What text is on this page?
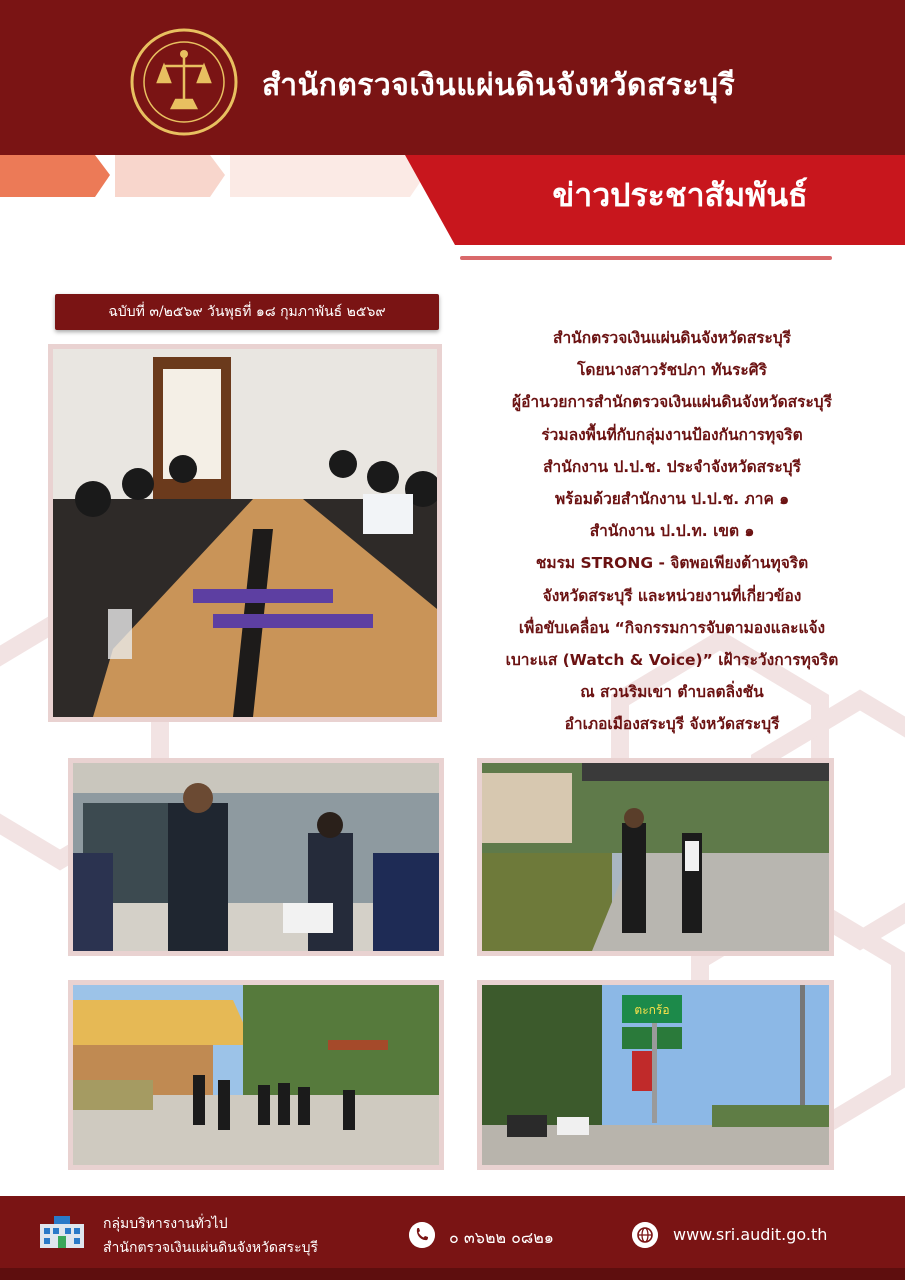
สำนักตรวจเงินแผ่นดินจังหวัดสระบุรี
ข่าวประชาสัมพันธ์
ฉบับที่ ๓/๒๕๖๙ วันพุธที่ ๑๘ กุมภาพันธ์ ๒๕๖๙

สำนักตรวจเงินแผ่นดินจังหวัดสระบุรี

โดยนางสาวรัชปภา ทันระศิริ

ผู้อำนวยการสำนักตรวจเงินแผ่นดินจังหวัดสระบุรี

ร่วมลงพื้นที่กับกลุ่มงานป้องกันการทุจริต

สำนักงาน ป.ป.ช. ประจำจังหวัดสระบุรี

พร้อมด้วยสำนักงาน ป.ป.ช. ภาค ๑

สำนักงาน ป.ป.ท. เขต ๑

ชมรม STRONG - จิตพอเพียงต้านทุจริต

จังหวัดสระบุรี และหน่วยงานที่เกี่ยวข้อง

เพื่อขับเคลื่อน “กิจกรรมการจับตามองและแจ้ง

เบาะแส (Watch & Voice)” เฝ้าระวังการทุจริต

ณ สวนริมเขา ตำบลตลิ่งชัน

อำเภอเมืองสระบุรี จังหวัดสระบุรี

ตะกร้อ
กลุ่มบริหารงานทั่วไป
สำนักตรวจเงินแผ่นดินจังหวัดสระบุรี
๐ ๓๖๒๒ ๐๘๒๑	www.sri.audit.go.th
